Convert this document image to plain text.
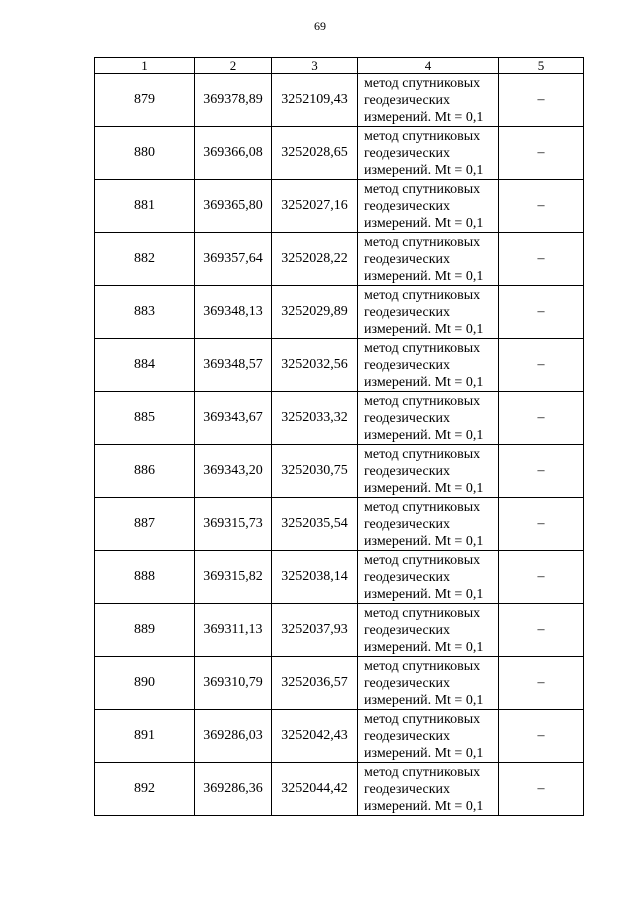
69
1	2	3	4	5
879	369378,89	3252109,43	метод спутниковых
геодезических
измерений. Mt = 0,1	–
880	369366,08	3252028,65	метод спутниковых
геодезических
измерений. Mt = 0,1	–
881	369365,80	3252027,16	метод спутниковых
геодезических
измерений. Mt = 0,1	–
882	369357,64	3252028,22	метод спутниковых
геодезических
измерений. Mt = 0,1	–
883	369348,13	3252029,89	метод спутниковых
геодезических
измерений. Mt = 0,1	–
884	369348,57	3252032,56	метод спутниковых
геодезических
измерений. Mt = 0,1	–
885	369343,67	3252033,32	метод спутниковых
геодезических
измерений. Mt = 0,1	–
886	369343,20	3252030,75	метод спутниковых
геодезических
измерений. Mt = 0,1	–
887	369315,73	3252035,54	метод спутниковых
геодезических
измерений. Mt = 0,1	–
888	369315,82	3252038,14	метод спутниковых
геодезических
измерений. Mt = 0,1	–
889	369311,13	3252037,93	метод спутниковых
геодезических
измерений. Mt = 0,1	–
890	369310,79	3252036,57	метод спутниковых
геодезических
измерений. Mt = 0,1	–
891	369286,03	3252042,43	метод спутниковых
геодезических
измерений. Mt = 0,1	–
892	369286,36	3252044,42	метод спутниковых
геодезических
измерений. Mt = 0,1	–
